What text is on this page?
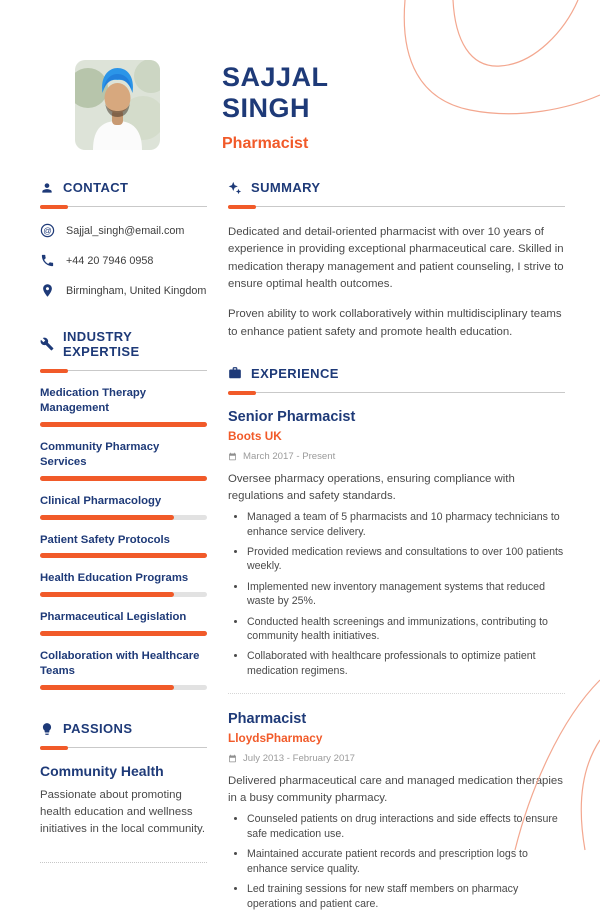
SAJJAL
SINGH
Pharmacist
CONTACT
@ Sajjal_singh@email.com
+44 20 7946 0958
Birmingham, United Kingdom
INDUSTRY EXPERTISE
Medication Therapy Management
Community Pharmacy Services
Clinical Pharmacology
Patient Safety Protocols
Health Education Programs
Pharmaceutical Legislation
Collaboration with Healthcare Teams
PASSIONS
Community Health
Passionate about promoting health education and wellness initiatives in the local community.
SUMMARY

Dedicated and detail-oriented pharmacist with over 10 years of experience in providing exceptional pharmaceutical care. Skilled in medication therapy management and patient counseling, I strive to ensure optimal health outcomes.

Proven ability to work collaboratively within multidisciplinary teams to enhance patient safety and promote health education.

EXPERIENCE
Senior Pharmacist
Boots UK
March 2017 - Present
Oversee pharmacy operations, ensuring compliance with regulations and safety standards.
• Managed a team of 5 pharmacists and 10 pharmacy technicians to enhance service delivery.
• Provided medication reviews and consultations to over 100 patients weekly.
• Implemented new inventory management systems that reduced waste by 25%.
• Conducted health screenings and immunizations, contributing to community health initiatives.
• Collaborated with healthcare professionals to optimize patient medication regimens.
Pharmacist
LloydsPharmacy
July 2013 - February 2017
Delivered pharmaceutical care and managed medication therapies in a busy community pharmacy.
• Counseled patients on drug interactions and side effects to ensure safe medication use.
• Maintained accurate patient records and prescription logs to enhance service quality.
• Led training sessions for new staff members on pharmacy operations and patient care.
